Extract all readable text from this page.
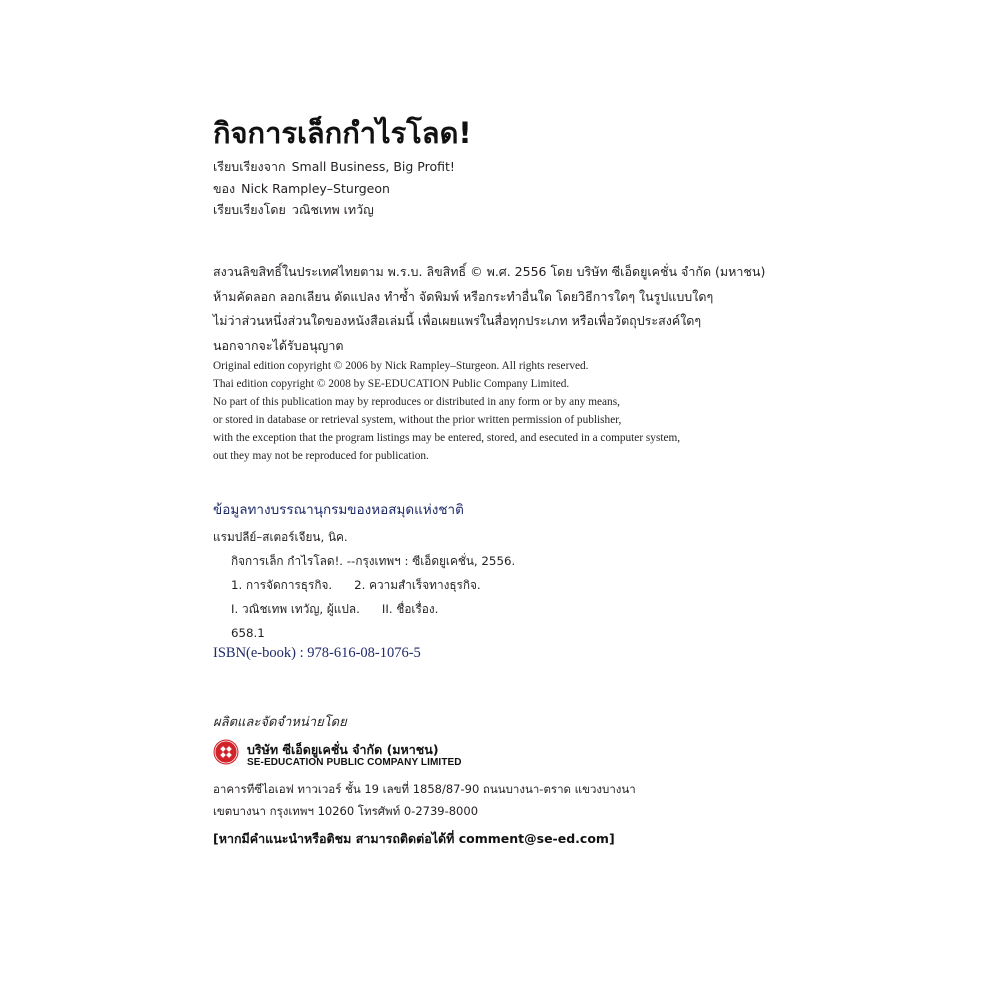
กิจการเล็กกำไรโลด!
เรียบเรียงจาก Small Business, Big Profit!
ของ Nick Rampley–Sturgeon
เรียบเรียงโดย วณิชเทพ เทวัญ
สงวนลิขสิทธิ์ในประเทศไทยตาม พ.ร.บ. ลิขสิทธิ์ © พ.ศ. 2556 โดย บริษัท ซีเอ็ดยูเคชั่น จำกัด (มหาชน)
ห้ามคัดลอก ลอกเลียน ดัดแปลง ทำซ้ำ จัดพิมพ์ หรือกระทำอื่นใด โดยวิธีการใดๆ ในรูปแบบใดๆ
ไม่ว่าส่วนหนึ่งส่วนใดของหนังสือเล่มนี้ เพื่อเผยแพร่ในสื่อทุกประเภท หรือเพื่อวัตถุประสงค์ใดๆ
นอกจากจะได้รับอนุญาต
Original edition copyright © 2006 by Nick Rampley–Sturgeon. All rights reserved.
Thai edition copyright © 2008 by SE-EDUCATION Public Company Limited.
No part of this publication may by reproduces or distributed in any form or by any means,
or stored in database or retrieval system, without the prior written permission of publisher,
with the exception that the program listings may be entered, stored, and esecuted in a computer system,
out they may not be reproduced for publication.
ข้อมูลทางบรรณานุกรมของหอสมุดแห่งชาติ
แรมปลีย์–สเตอร์เจียน, นิค.
กิจการเล็ก กำไรโลด!. --กรุงเทพฯ : ซีเอ็ดยูเคชั่น, 2556.
1. การจัดการธุรกิจ. 2. ความสำเร็จทางธุรกิจ.
I. วณิชเทพ เทวัญ, ผู้แปล. II. ชื่อเรื่อง.
658.1
ISBN(e-book) : 978-616-08-1076-5
ผลิตและจัดจำหน่ายโดย
บริษัท ซีเอ็ดยูเคชั่น จำกัด (มหาชน)
SE-EDUCATION PUBLIC COMPANY LIMITED
อาคารทีซีไอเอฟ ทาวเวอร์ ชั้น 19 เลขที่ 1858/87-90 ถนนบางนา-ตราด แขวงบางนา
เขตบางนา กรุงเทพฯ 10260 โทรศัพท์ 0-2739-8000
[หากมีคำแนะนำหรือติชม สามารถติดต่อได้ที่ comment@se-ed.com]
